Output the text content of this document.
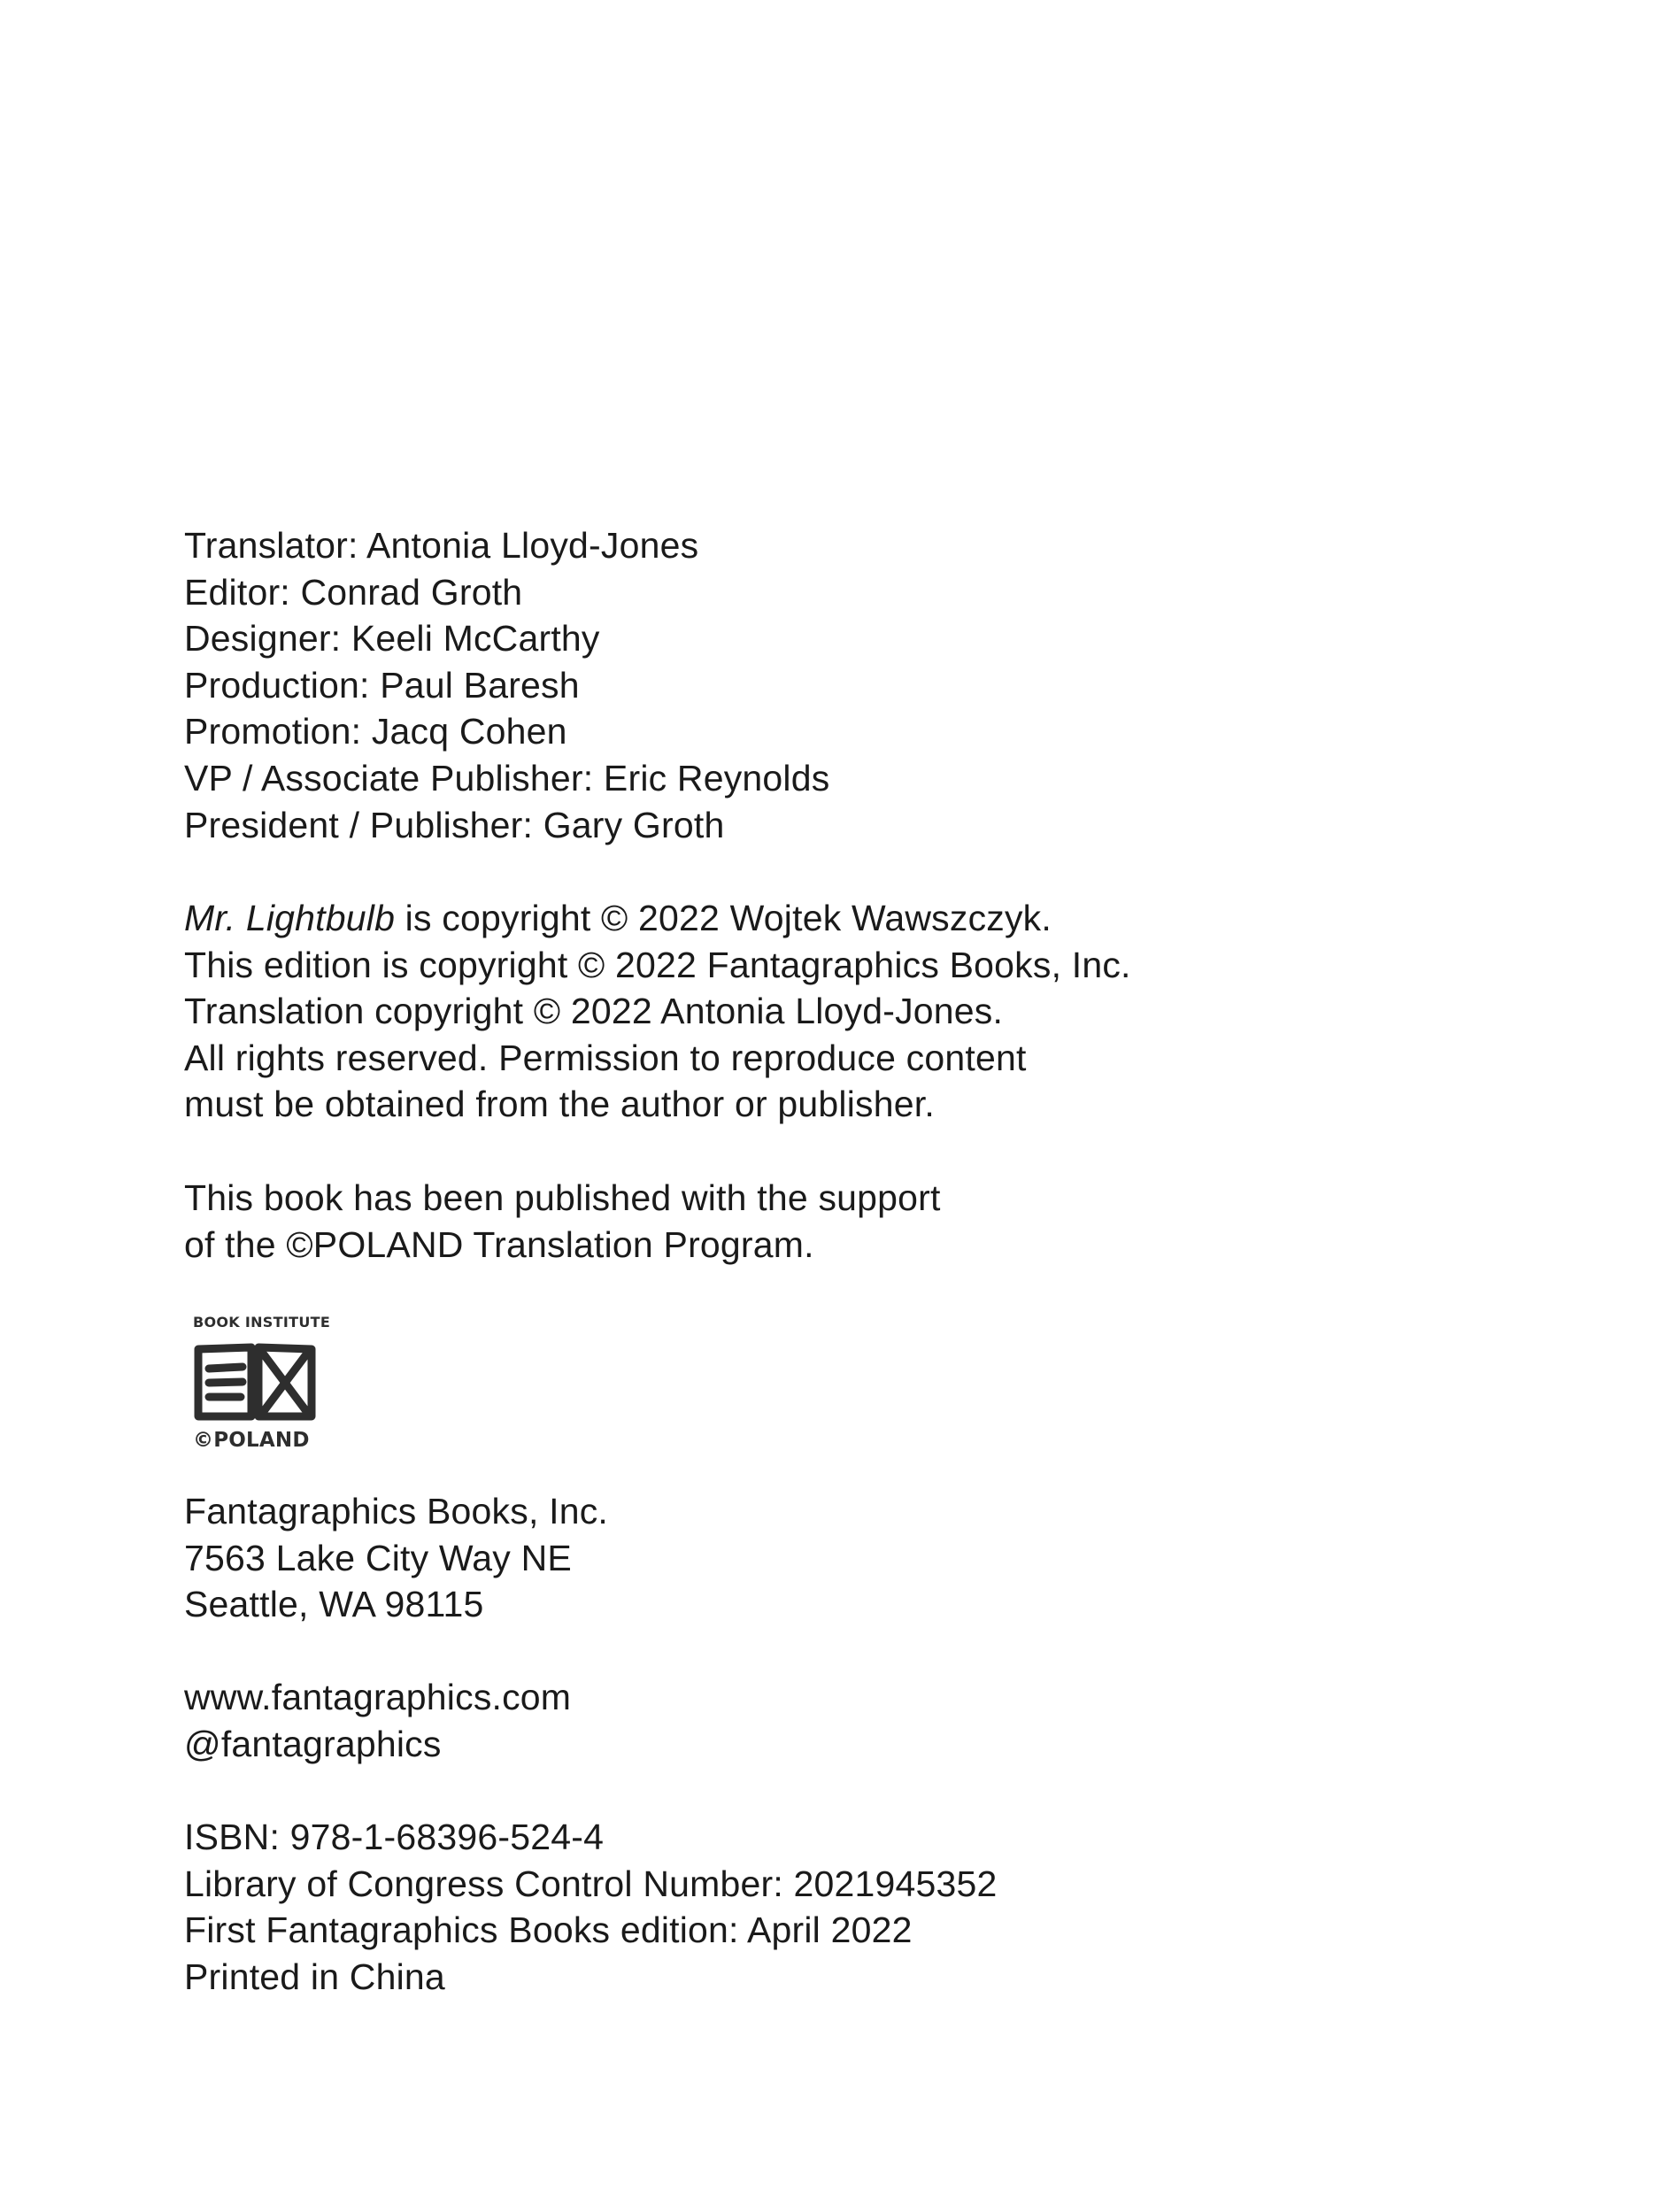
Translator: Antonia Lloyd-Jones

Editor: Conrad Groth

Designer: Keeli McCarthy

Production: Paul Baresh

Promotion: Jacq Cohen

VP / Associate Publisher: Eric Reynolds

President / Publisher: Gary Groth

Mr. Lightbulb is copyright © 2022 Wojtek Wawszczyk.

This edition is copyright © 2022 Fantagraphics Books, Inc.

Translation copyright © 2022 Antonia Lloyd-Jones.

All rights reserved. Permission to reproduce content

must be obtained from the author or publisher.

This book has been published with the support

of the ©POLAND Translation Program.

BOOK INSTITUTE
©POLAND

Fantagraphics Books, Inc.

7563 Lake City Way NE

Seattle, WA 98115

www.fantagraphics.com

@fantagraphics

ISBN: 978-1-68396-524-4

Library of Congress Control Number: 2021945352

First Fantagraphics Books edition: April 2022

Printed in China
